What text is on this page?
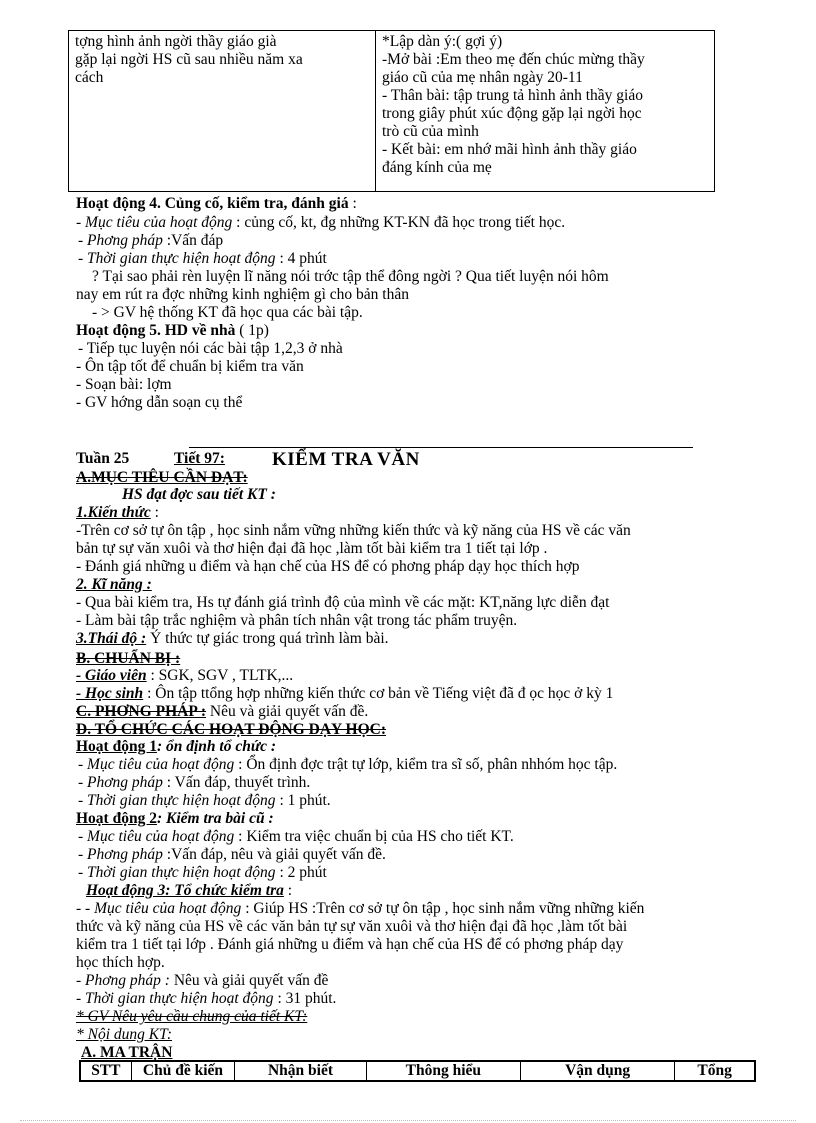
tợng hình ảnh ngời thầy giáo già
gặp lại ngời HS cũ sau nhiều năm xa
cách

*Lập dàn ý:( gợi ý)
-Mở bài :Em theo mẹ đến chúc mừng thầy
giáo cũ của mẹ nhân ngày 20-11
- Thân bài: tập trung tả hình ảnh thầy giáo
trong giây phút xúc động gặp lại ngời học
trò cũ của mình
- Kết bài: em nhớ mãi hình ảnh thầy giáo
đáng kính của mẹ
Hoạt động 4. Củng cố, kiểm tra, đánh giá :
- Mục tiêu của hoạt động : củng cố, kt, đg những KT-KN đã học trong tiết học.
- Phơng pháp :Vấn đáp
- Thời gian thực hiện hoạt động : 4 phút
? Tại sao phải rèn luyện lĩ năng nói trớc tập thể đông ngời ? Qua tiết luyện nói hôm
nay em rút ra đợc những kinh nghiệm gì cho bản thân
- > GV hệ thống KT đã học qua các bài tập.
Hoạt động 5. HD về nhà ( 1p)
- Tiếp tục luyện nói các bài tập 1,2,3 ở nhà
- Ôn tập tốt để chuẩn bị kiểm tra văn
- Soạn bài: lợm
- GV hớng dẫn soạn cụ thể
Tuần 25	Tiết 97: KIỂM TRA VĂN
A.MỤC TIÊU CẦN ĐẠT:
HS đạt đợc sau tiết KT :
1.Kiến thức :
-Trên cơ sở tự ôn tập , học sinh nắm vững những kiến thức và kỹ năng của HS về các văn
bản tự sự văn xuôi và thơ hiện đại đã học ,làm tốt bài kiểm tra 1 tiết tại lớp .
- Đánh giá những u điểm và hạn chế của HS để có phơng pháp dạy học thích hợp
2. Kĩ năng :
- Qua bài kiểm tra, Hs tự đánh giá trình độ của mình về các mặt: KT,năng lực diễn đạt
- Làm bài tập trắc nghiệm và phân tích nhân vật trong tác phẩm truyện.
3.Thái độ : Ý thức tự giác trong quá trình làm bài.
B. CHUẨN BỊ :
- Giáo viên : SGK, SGV , TLTK,...
- Học sinh : Ôn tập ttổng hợp những kiến thức cơ bản về Tiếng việt đã đ ọc học ở kỳ 1
C. PHƠNG PHÁP : Nêu và giải quyết vấn đề.
D. TỔ CHỨC CÁC HOẠT ĐỘNG DẠY HỌC:
Hoạt động 1: ổn định tổ chức :
- Mục tiêu của hoạt động : Ổn định đợc trật tự lớp, kiểm tra sĩ số, phân nhhóm học tập.
- Phơng pháp : Vấn đáp, thuyết trình.
- Thời gian thực hiện hoạt động : 1 phút.
Hoạt động 2: Kiểm tra bài cũ :
- Mục tiêu của hoạt động : Kiểm tra việc chuẩn bị của HS cho tiết KT.
- Phơng pháp :Vấn đáp, nêu và giải quyết vấn đề.
- Thời gian thực hiện hoạt động : 2 phút
Hoạt động 3: Tổ chức kiểm tra :
- - Mục tiêu của hoạt động : Giúp HS :Trên cơ sở tự ôn tập , học sinh nắm vững những kiến
thức và kỹ năng của HS về các văn bản tự sự văn xuôi và thơ hiện đại đã học ,làm tốt bài
kiểm tra 1 tiết tại lớp . Đánh giá những u điểm và hạn chế của HS để có phơng pháp dạy
học thích hợp.
- Phơng pháp : Nêu và giải quyết vấn đề
- Thời gian thực hiện hoạt động : 31 phút.
* GV Nêu yêu cầu chung của tiết KT:
* Nội dung KT:
A. MA TRẬN
STT	Chủ đề kiến	Nhận biết	Thông hiểu	Vận dụng	Tổng
